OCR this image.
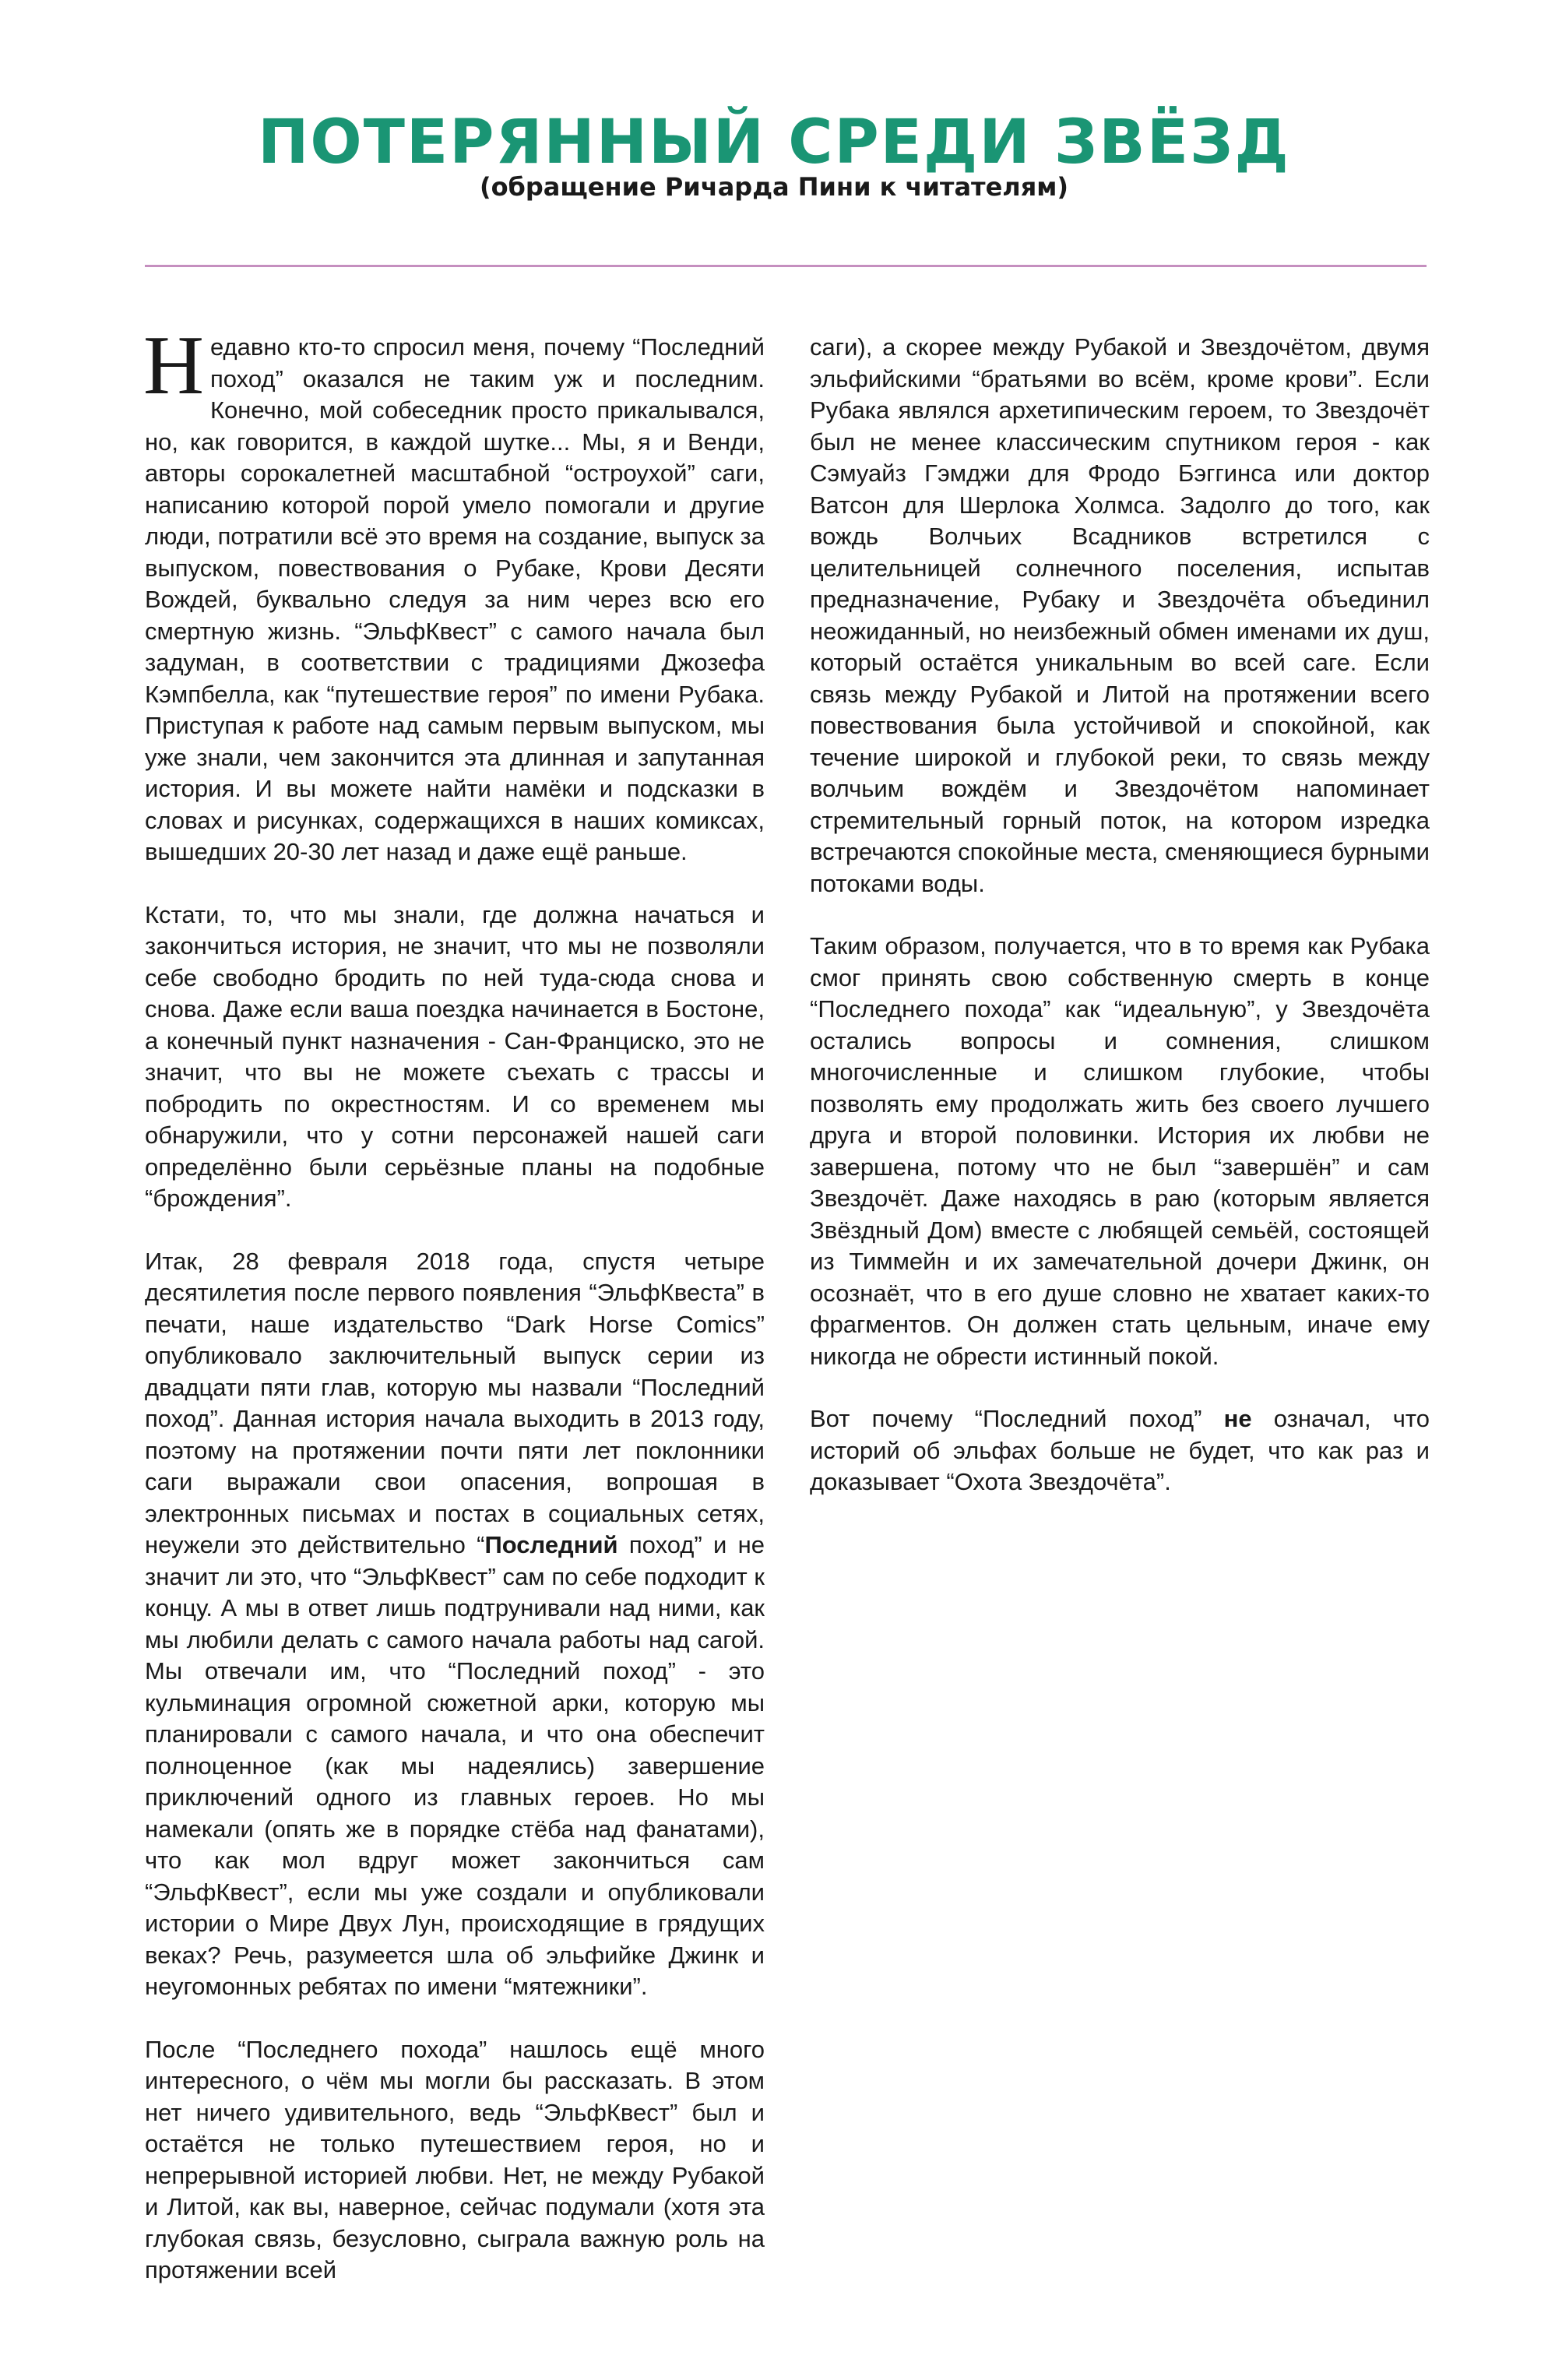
ПОТЕРЯННЫЙ СРЕДИ ЗВЁЗД
(обращение Ричарда Пини к читателям)

Недавно кто-то спросил меня, почему “Последний поход” оказался не таким уж и последним. Конечно, мой собеседник просто прикалывался, но, как говорится, в каждой шутке... Мы, я и Венди, авторы сорокалетней масштабной “остроухой” саги, написанию которой порой умело помогали и другие люди, потратили всё это время на создание, выпуск за выпуском, повествования о Рубаке, Крови Десяти Вождей, буквально следуя за ним через всю его смертную жизнь. “ЭльфКвест” с самого начала был задуман, в соответствии с традициями Джозефа Кэмпбелла, как “путешествие героя” по имени Рубака. Приступая к работе над самым первым выпуском, мы уже знали, чем закончится эта длинная и запутанная история. И вы можете найти намёки и подсказки в словах и рисунках, содержащихся в наших комиксах, вышедших 20-30 лет назад и даже ещё раньше.

Кстати, то, что мы знали, где должна начаться и закончиться история, не значит, что мы не позволяли себе свободно бродить по ней туда-сюда снова и снова. Даже если ваша поездка начинается в Бостоне, а конечный пункт назначения - Сан-Франциско, это не значит, что вы не можете съехать с трассы и побродить по окрестностям. И со временем мы обнаружили, что у сотни персонажей нашей саги определённо были серьёзные планы на подобные “брождения”.

Итак, 28 февраля 2018 года, спустя четыре десятилетия после первого появления “ЭльфКвеста” в печати, наше издательство “Dark Horse Comics” опубликовало заключительный выпуск серии из двадцати пяти глав, которую мы назвали “Последний поход”. Данная история начала выходить в 2013 году, поэтому на протяжении почти пяти лет поклонники саги выражали свои опасения, вопрошая в электронных письмах и постах в социальных сетях, неужели это действительно “Последний поход” и не значит ли это, что “ЭльфКвест” сам по себе подходит к концу. А мы в ответ лишь подтрунивали над ними, как мы любили делать с самого начала работы над сагой. Мы отвечали им, что “Последний поход” - это кульминация огромной сюжетной арки, которую мы планировали с самого начала, и что она обеспечит полноценное (как мы надеялись) завершение приключений одного из главных героев. Но мы намекали (опять же в порядке стёба над фанатами), что как мол вдруг может закончиться сам “ЭльфКвест”, если мы уже создали и опубликовали истории о Мире Двух Лун, происходящие в грядущих веках? Речь, разумеется шла об эльфийке Джинк и неугомонных ребятах по имени “мятежники”.

После “Последнего похода” нашлось ещё много интересного, о чём мы могли бы рассказать. В этом нет ничего удивительного, ведь “ЭльфКвест” был и остаётся не только путешествием героя, но и непрерывной историей любви. Нет, не между Рубакой и Литой, как вы, наверное, сейчас подумали (хотя эта глубокая связь, безусловно, сыграла важную роль на протяжении всей

саги), а скорее между Рубакой и Звездочётом, двумя эльфийскими “братьями во всём, кроме крови”. Если Рубака являлся архетипическим героем, то Звездочёт был не менее классическим спутником героя - как Сэмуайз Гэмджи для Фродо Бэггинса или доктор Ватсон для Шерлока Холмса. Задолго до того, как вождь Волчьих Всадников встретился с целительницей солнечного поселения, испытав предназначение, Рубаку и Звездочёта объединил неожиданный, но неизбежный обмен именами их душ, который остаётся уникальным во всей саге. Если связь между Рубакой и Литой на протяжении всего повествования была устойчивой и спокойной, как течение широкой и глубокой реки, то связь между волчьим вождём и Звездочётом напоминает стремительный горный поток, на котором изредка встречаются спокойные места, сменяющиеся бурными потоками воды.

Таким образом, получается, что в то время как Рубака смог принять свою собственную смерть в конце “Последнего похода” как “идеальную”, у Звездочёта остались вопросы и сомнения, слишком многочисленные и слишком глубокие, чтобы позволять ему продолжать жить без своего лучшего друга и второй половинки. История их любви не завершена, потому что не был “завершён” и сам Звездочёт. Даже находясь в раю (которым является Звёздный Дом) вместе с любящей семьёй, состоящей из Тиммейн и их замечательной дочери Джинк, он осознаёт, что в его душе словно не хватает каких-то фрагментов. Он должен стать цельным, иначе ему никогда не обрести истинный покой.

Вот почему “Последний поход” не означал, что историй об эльфах больше не будет, что как раз и доказывает “Охота Звездочёта”.
